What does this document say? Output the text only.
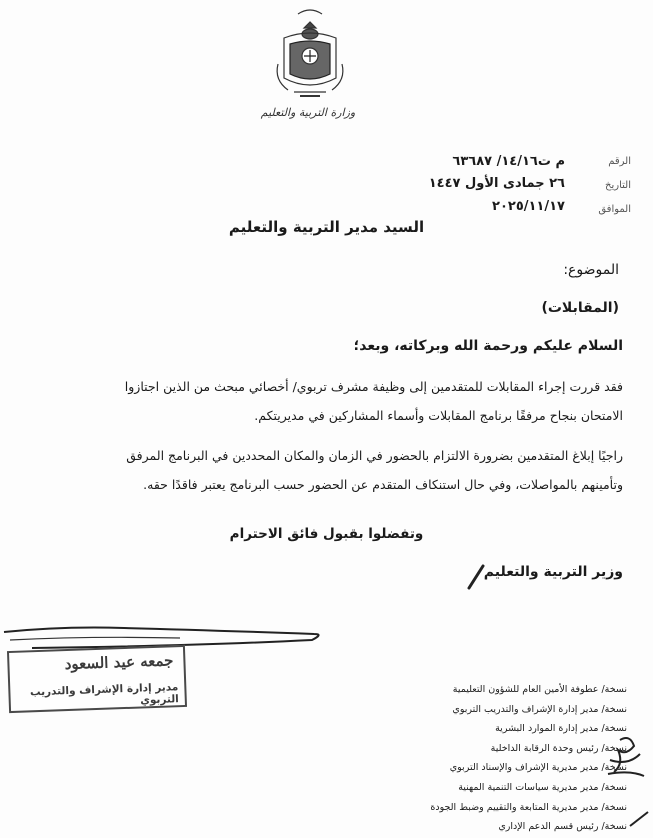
وزارة التربية والتعليم
الرقم
م ت١٤/١٦/ ٦٣٦٨٧
التاريخ
٢٦ جمادى الأول ١٤٤٧
الموافق
٢٠٢٥/١١/١٧
السيد مدير التربية والتعليم
الموضوع:
(المقابلات)
السلام عليكم ورحمة الله وبركاته، وبعد؛
فقد قررت إجراء المقابلات للمتقدمين إلى وظيفة مشرف تربوي/ أخصائي مبحث من الذين اجتازوا
الامتحان بنجاح مرفقًا برنامج المقابلات وأسماء المشاركين في مديريتكم.
راجيًا إبلاغ المتقدمين بضرورة الالتزام بالحضور في الزمان والمكان المحددين في البرنامج المرفق
وتأمينهم بالمواصلات، وفي حال استنكاف المتقدم عن الحضور حسب البرنامج يعتبر فاقدًا حقه.
وتفضلوا بقبول فائق الاحترام
وزير التربية والتعليم
جمعه عيد السعود
مدير إدارة الإشراف والتدريب التربوي
نسخة/ عطوفة الأمين العام للشؤون التعليمية
نسخة/ مدير إدارة الإشراف والتدريب التربوي
نسخة/ مدير إدارة الموارد البشرية
نسخة/ رئيس وحدة الرقابة الداخلية
نسخة/ مدير مديرية الإشراف والإسناد التربوي
نسخة/ مدير مديرية سياسات التنمية المهنية
نسخة/ مدير مديرية المتابعة والتقييم وضبط الجودة
نسخة/ رئيس قسم الدعم الإداري
